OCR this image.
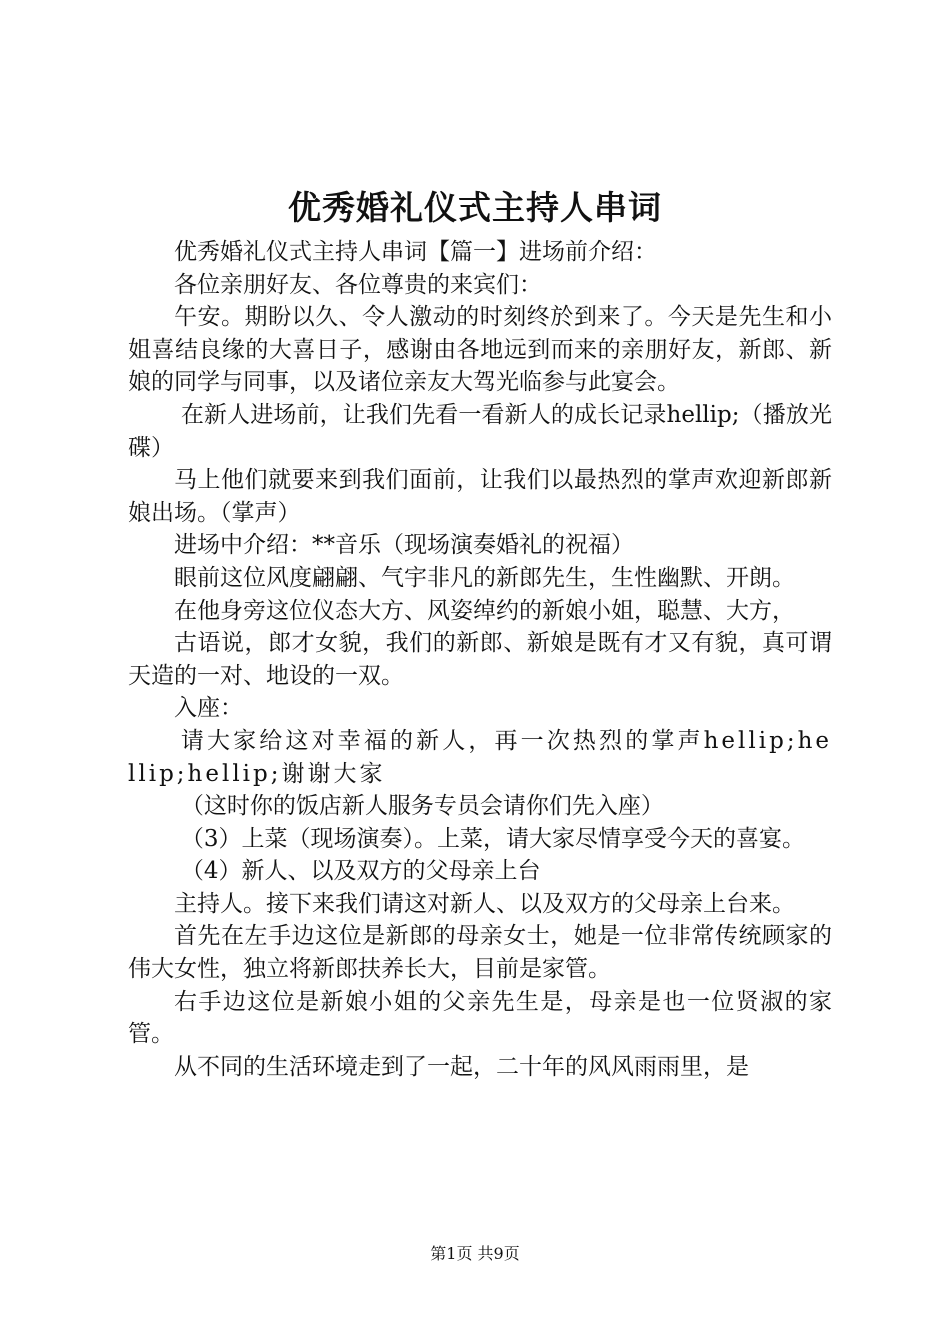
优秀婚礼仪式主持人串词

优秀婚礼仪式主持人串词【篇一】进场前介绍：

各位亲朋好友、各位尊贵的来宾们：

午安。期盼以久、令人激动的时刻终於到来了。今天是先生和小姐喜结良缘的大喜日子，感谢由各地远到而来的亲朋好友，新郎、新娘的同学与同事，以及诸位亲友大驾光临参与此宴会。

在新人进场前，让我们先看一看新人的成长记录hellip;（播放光碟）

马上他们就要来到我们面前，让我们以最热烈的掌声欢迎新郎新娘出场。（掌声）

进场中介绍：**音乐（现场演奏婚礼的祝福）

眼前这位风度翩翩、气宇非凡的新郎先生，生性幽默、开朗。

在他身旁这位仪态大方、风姿绰约的新娘小姐，聪慧、大方，

古语说，郎才女貌，我们的新郎、新娘是既有才又有貌，真可谓天造的一对、地设的一双。

入座：

请大家给这对幸福的新人，再一次热烈的掌声hellip;hellip;hellip;谢谢大家

（这时你的饭店新人服务专员会请你们先入座）

（3）上菜（现场演奏）。上菜，请大家尽情享受今天的喜宴。

（4）新人、以及双方的父母亲上台

主持人。接下来我们请这对新人、以及双方的父母亲上台来。

首先在左手边这位是新郎的母亲女士，她是一位非常传统顾家的伟大女性，独立将新郎扶养长大，目前是家管。

右手边这位是新娘小姐的父亲先生是，母亲是也一位贤淑的家管。

从不同的生活环境走到了一起，二十年的风风雨雨里，是

第1页 共9页
